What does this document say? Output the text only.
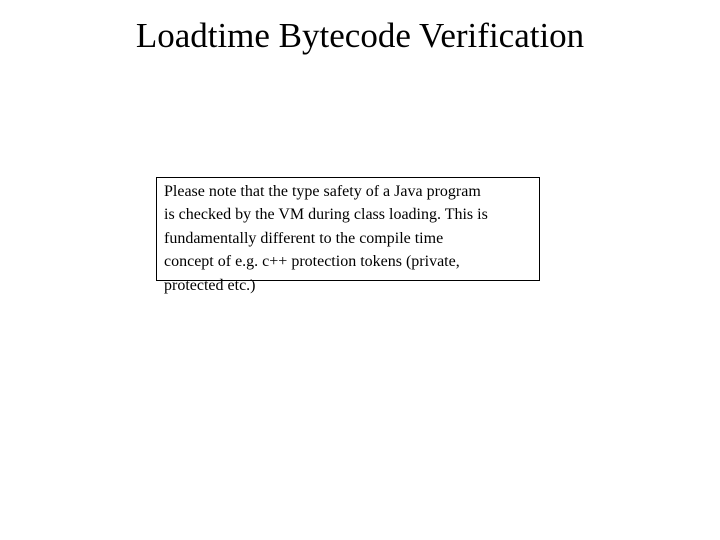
Loadtime Bytecode Verification
Please note that the type safety of a Java program
is checked by the VM during class loading. This is
fundamentally different to the compile time
concept of e.g. c++ protection tokens (private,
protected etc.)
